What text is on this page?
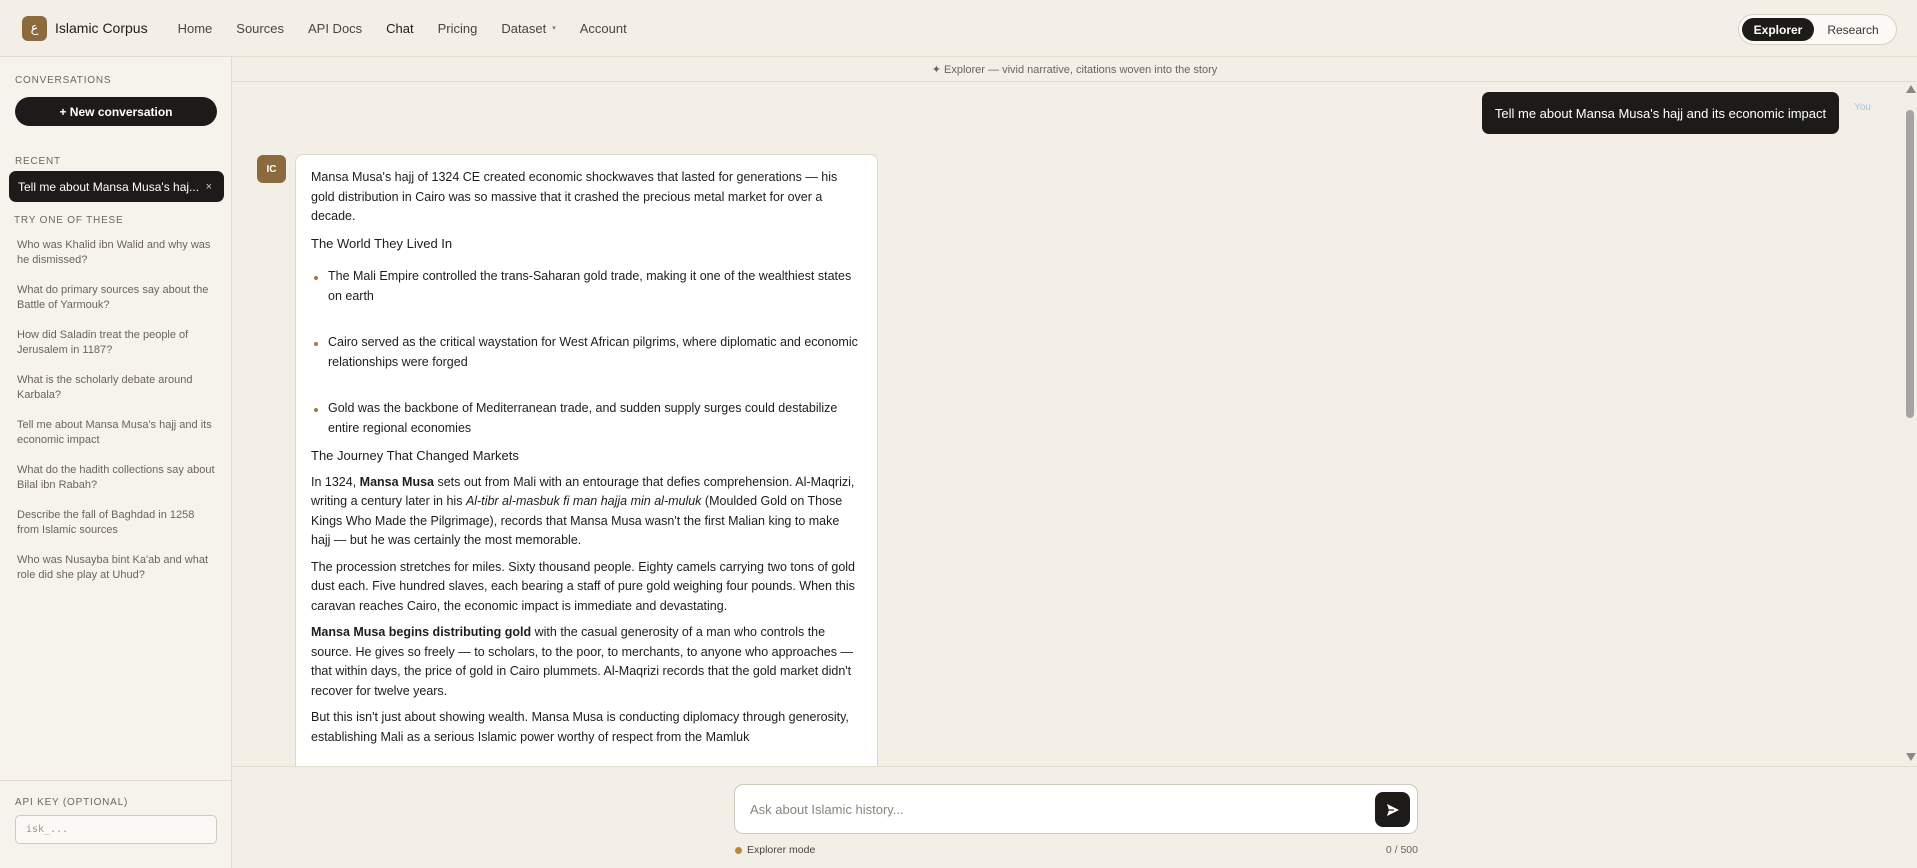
ع	Islamic Corpus Home Sources API Docs Chat Pricing Dataset ▾ Account	Explorer	Research
CONVERSATIONS
+ New conversation
RECENT
Tell me about Mansa Musa's haj... ×
TRY ONE OF THESE
Who was Khalid ibn Walid and why was he dismissed?
What do primary sources say about the Battle of Yarmouk?
How did Saladin treat the people of Jerusalem in 1187?
What is the scholarly debate around Karbala?
Tell me about Mansa Musa's hajj and its economic impact
What do the hadith collections say about Bilal ibn Rabah?
Describe the fall of Baghdad in 1258 from Islamic sources
Who was Nusayba bint Ka'ab and what role did she play at Uhud?
API KEY (OPTIONAL)
isk_...
✦ Explorer — vivid narrative, citations woven into the story
Tell me about Mansa Musa's hajj and its economic impact	You
IC

Mansa Musa's hajj of 1324 CE created economic shockwaves that lasted for generations — his gold distribution in Cairo was so massive that it crashed the precious metal market for over a decade.

The World They Lived In
The Mali Empire controlled the trans-Saharan gold trade, making it one of the wealthiest states on earth
Cairo served as the critical waystation for West African pilgrims, where diplomatic and economic relationships were forged
Gold was the backbone of Mediterranean trade, and sudden supply surges could destabilize entire regional economies
The Journey That Changed Markets

In 1324, Mansa Musa sets out from Mali with an entourage that defies comprehension. Al-Maqrizi, writing a century later in his Al-tibr al-masbuk fi man hajja min al-muluk (Moulded Gold on Those Kings Who Made the Pilgrimage), records that Mansa Musa wasn't the first Malian king to make hajj — but he was certainly the most memorable.

The procession stretches for miles. Sixty thousand people. Eighty camels carrying two tons of gold dust each. Five hundred slaves, each bearing a staff of pure gold weighing four pounds. When this caravan reaches Cairo, the economic impact is immediate and devastating.

Mansa Musa begins distributing gold with the casual generosity of a man who controls the source. He gives so freely — to scholars, to the poor, to merchants, to anyone who approaches — that within days, the price of gold in Cairo plummets. Al-Maqrizi records that the gold market didn't recover for twelve years.

But this isn't just about showing wealth. Mansa Musa is conducting diplomacy through generosity, establishing Mali as a serious Islamic power worthy of respect from the Mamluk

Ask about Islamic history...
Explorer mode	0 / 500
